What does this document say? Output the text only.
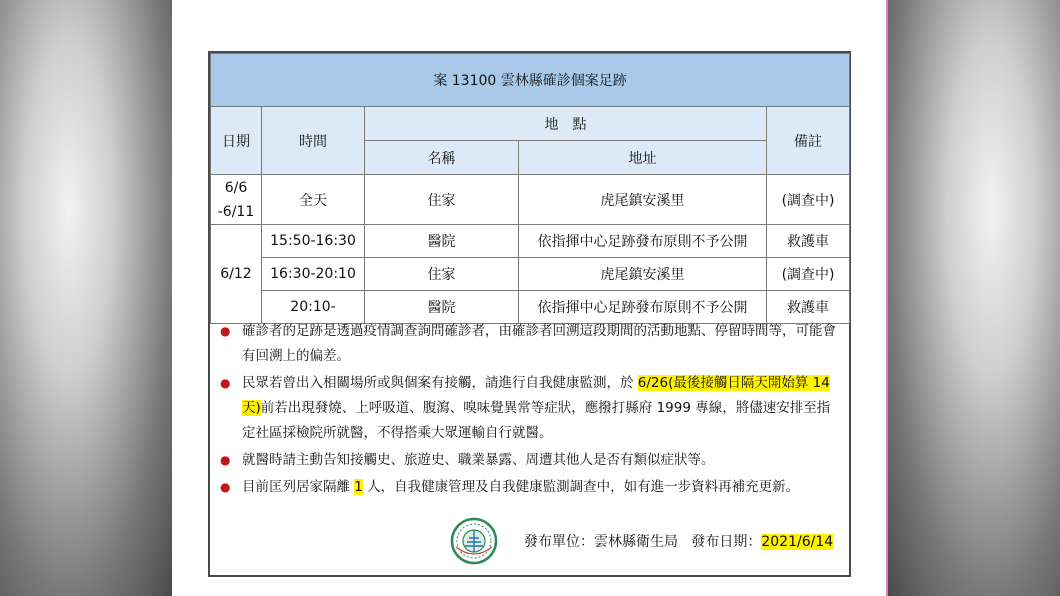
案 13100 雲林縣確診個案足跡				
日期	時間	地　點		備註
		名稱	地址	
6/6 -6/11	全天	住家	虎尾鎮安溪里	(調查中)
6/12	15:50-16:30	醫院	依指揮中心足跡發布原則不予公開	救護車
	16:30-20:10	住家	虎尾鎮安溪里	(調查中)
	20:10-	醫院	依指揮中心足跡發布原則不予公開	救護車
● 確診者的足跡是透過疫情調查詢問確診者，由確診者回溯這段期間的活動地點、停留時間等，可能會有回溯上的偏差。
● 民眾若曾出入相關場所或與個案有接觸，請進行自我健康監測，於 6/26(最後接觸日隔天開始算 14 天)前若出現發燒、上呼吸道、腹瀉、嗅味覺異常等症狀，應撥打縣府 1999 專線，將儘速安排至指定社區採檢院所就醫，不得搭乘大眾運輸自行就醫。
● 就醫時請主動告知接觸史、旅遊史、職業暴露、周遭其他人是否有類似症狀等。
● 目前匡列居家隔離 1 人，自我健康管理及自我健康監測調查中，如有進一步資料再補充更新。
發布單位：雲林縣衛生局 發布日期：2021/6/14
